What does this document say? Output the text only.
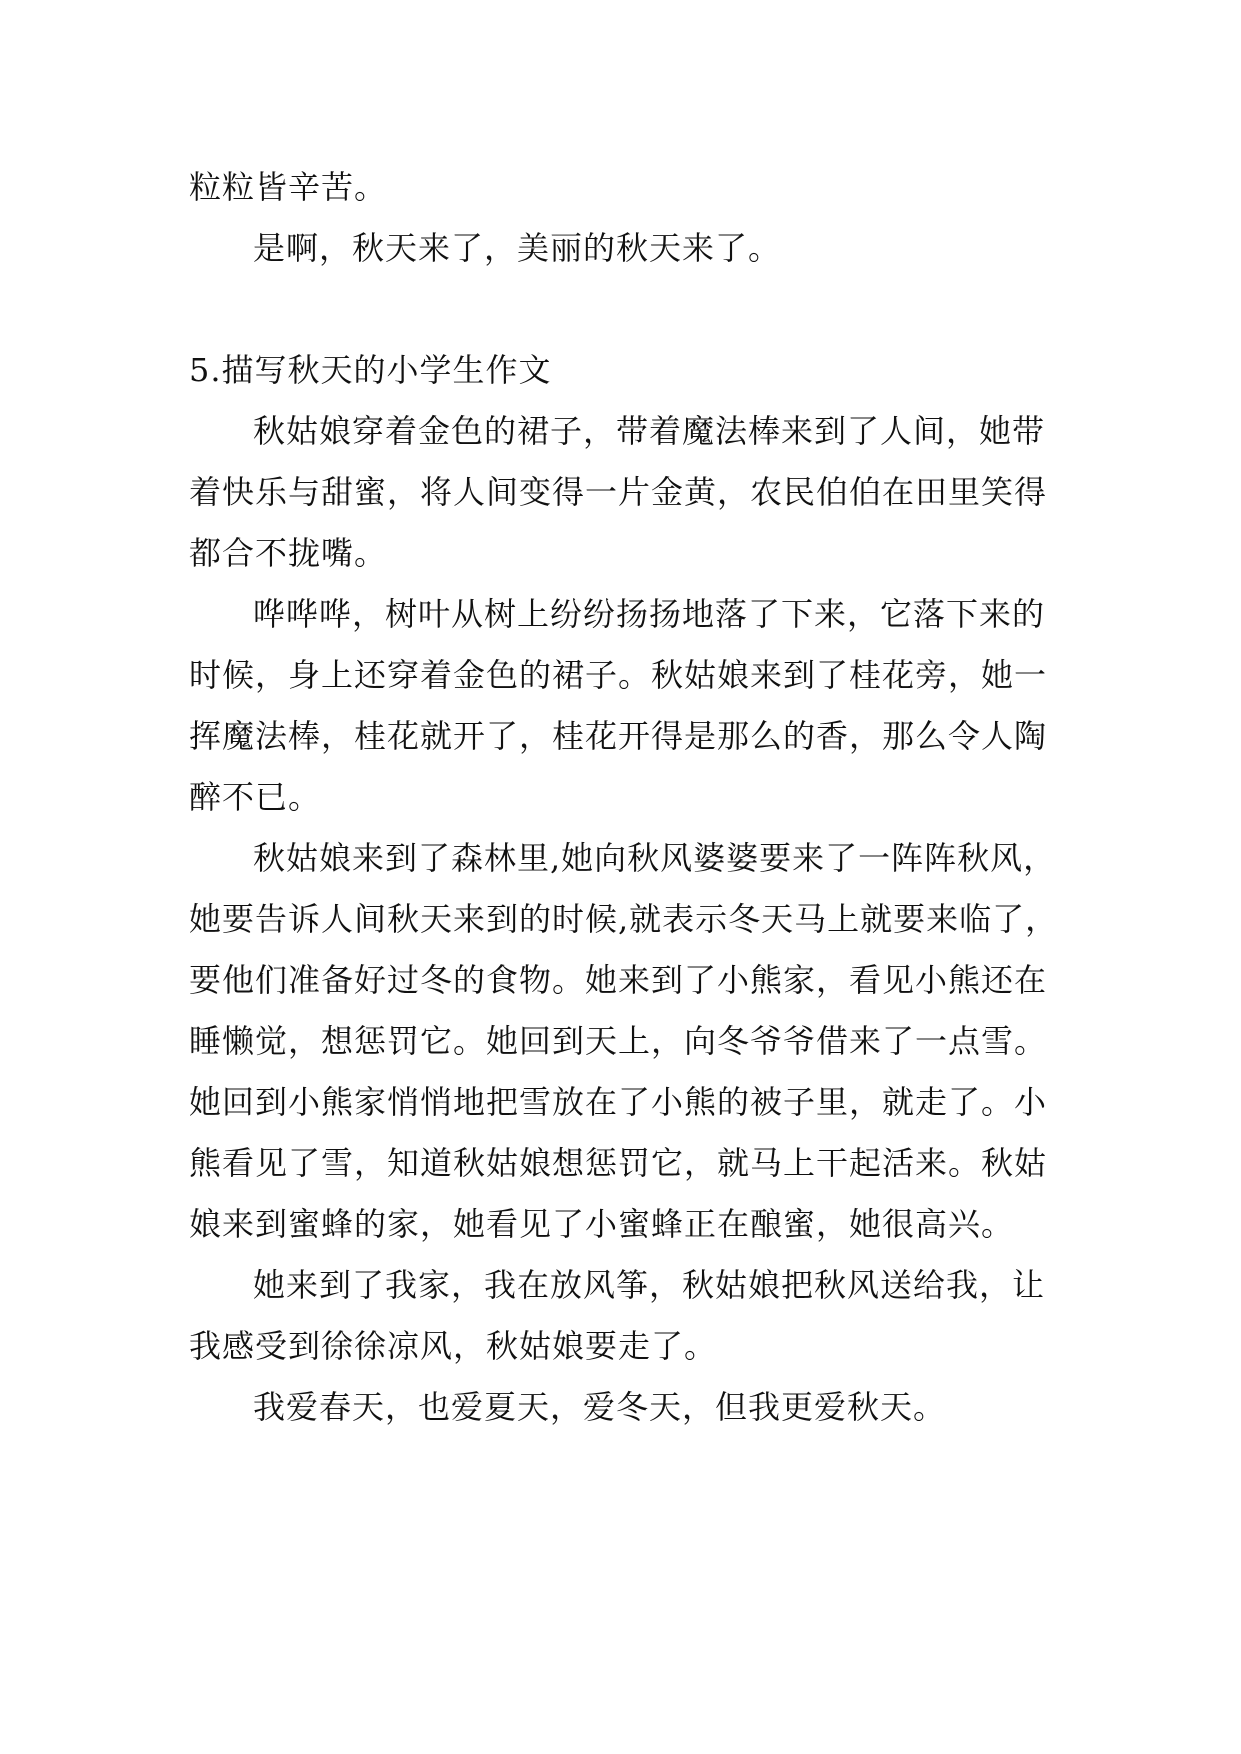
粒粒皆辛苦。

是啊，秋天来了，美丽的秋天来了。

5.描写秋天的小学生作文

秋姑娘穿着金色的裙子，带着魔法棒来到了人间，她带着快乐与甜蜜，将人间变得一片金黄，农民伯伯在田里笑得都合不拢嘴。

哗哗哗，树叶从树上纷纷扬扬地落了下来，它落下来的时候，身上还穿着金色的裙子。秋姑娘来到了桂花旁，她一挥魔法棒，桂花就开了，桂花开得是那么的香，那么令人陶醉不已。

秋姑娘来到了森林里,她向秋风婆婆要来了一阵阵秋风，她要告诉人间秋天来到的时候,就表示冬天马上就要来临了，要他们准备好过冬的食物。她来到了小熊家，看见小熊还在睡懒觉，想惩罚它。她回到天上，向冬爷爷借来了一点雪。她回到小熊家悄悄地把雪放在了小熊的被子里，就走了。小熊看见了雪，知道秋姑娘想惩罚它，就马上干起活来。秋姑娘来到蜜蜂的家，她看见了小蜜蜂正在酿蜜，她很高兴。

她来到了我家，我在放风筝，秋姑娘把秋风送给我，让我感受到徐徐凉风，秋姑娘要走了。

我爱春天，也爱夏天，爱冬天，但我更爱秋天。
